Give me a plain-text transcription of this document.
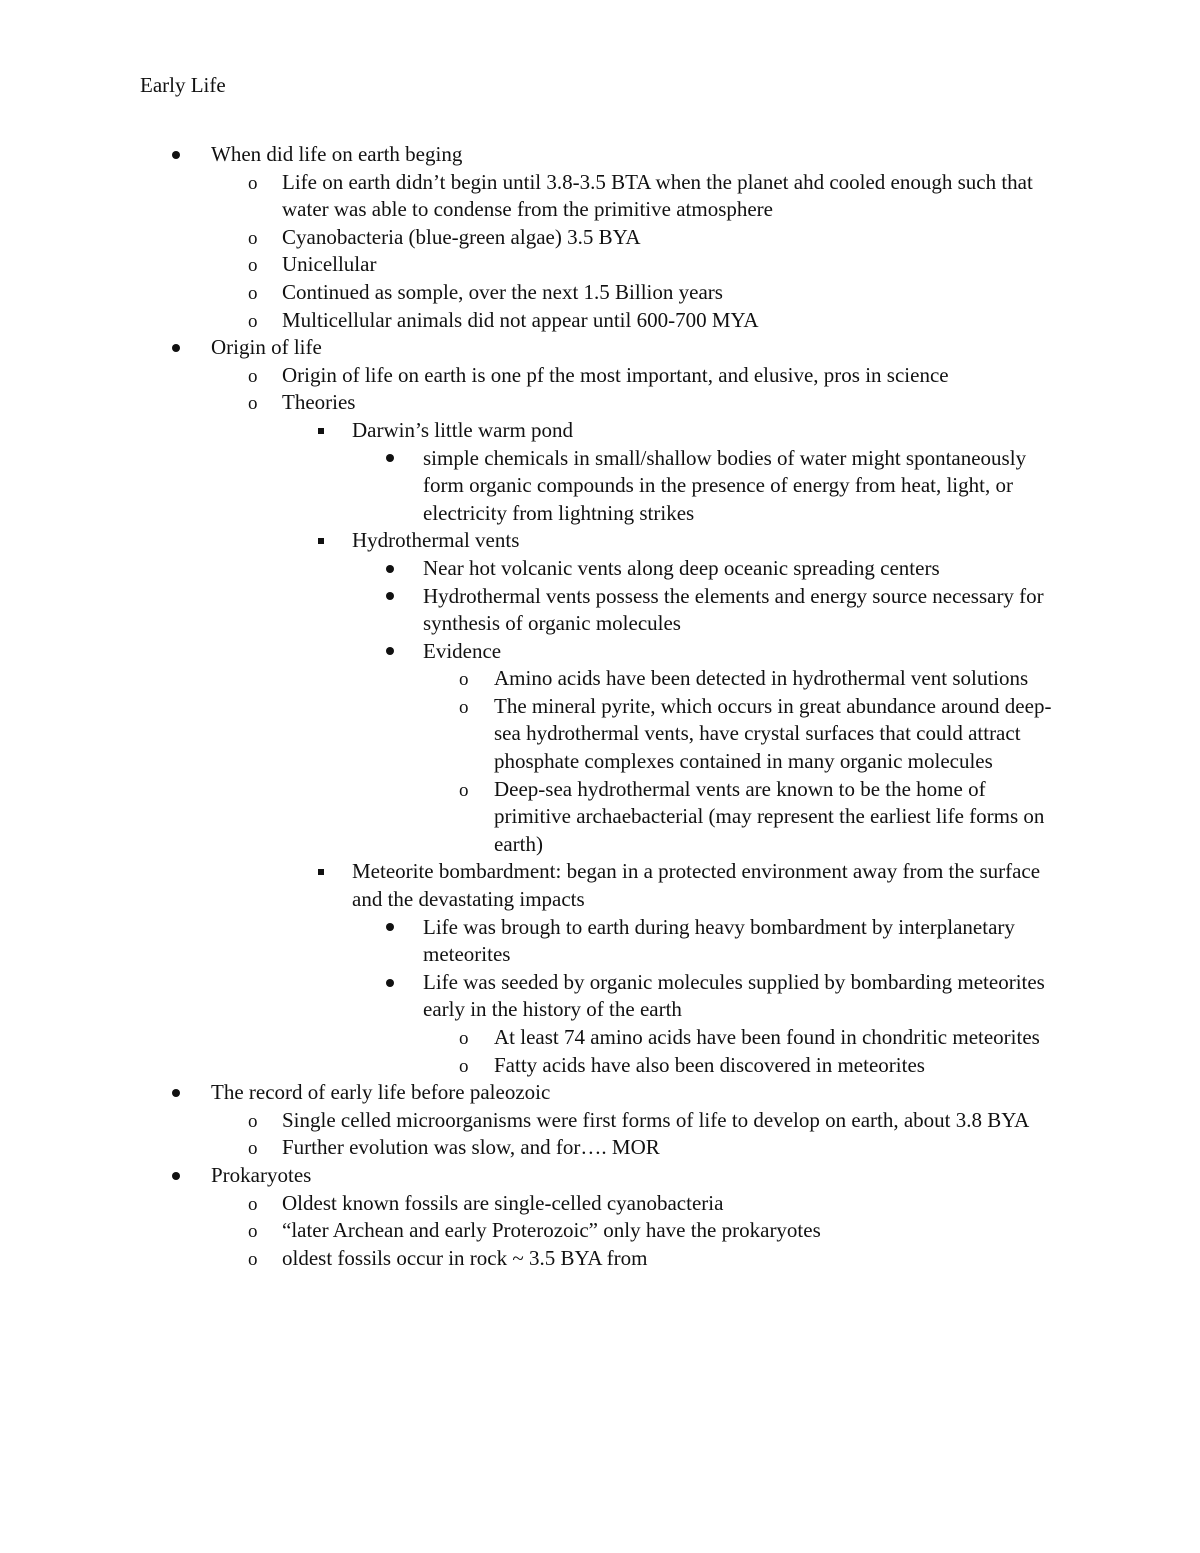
Early Life
When did life on earth beging
o Life on earth didn’t begin until 3.8-3.5 BTA when the planet ahd cooled enough such that water was able to condense from the primitive atmosphere
o Cyanobacteria (blue-green algae) 3.5 BYA
o Unicellular
o Continued as somple, over the next 1.5 Billion years
o Multicellular animals did not appear until 600-700 MYA
Origin of life
o Origin of life on earth is one pf the most important, and elusive, pros in science
o Theories
Darwin’s little warm pond
simple chemicals in small/shallow bodies of water might spontaneously form organic compounds in the presence of energy from heat, light, or electricity from lightning strikes
Hydrothermal vents
Near hot volcanic vents along deep oceanic spreading centers
Hydrothermal vents possess the elements and energy source necessary for synthesis of organic molecules
Evidence
o Amino acids have been detected in hydrothermal vent solutions
o The mineral pyrite, which occurs in great abundance around deep-sea hydrothermal vents, have crystal surfaces that could attract phosphate complexes contained in many organic molecules
o Deep-sea hydrothermal vents are known to be the home of primitive archaebacterial (may represent the earliest life forms on earth)
Meteorite bombardment: began in a protected environment away from the surface and the devastating impacts
Life was brough to earth during heavy bombardment by interplanetary meteorites
Life was seeded by organic molecules supplied by bombarding meteorites early in the history of the earth
o At least 74 amino acids have been found in chondritic meteorites
o Fatty acids have also been discovered in meteorites
The record of early life before paleozoic
o Single celled microorganisms were first forms of life to develop on earth, about 3.8 BYA
o Further evolution was slow, and for…. MOR
Prokaryotes
o Oldest known fossils are single-celled cyanobacteria
o “later Archean and early Proterozoic” only have the prokaryotes
o oldest fossils occur in rock ~ 3.5 BYA from
